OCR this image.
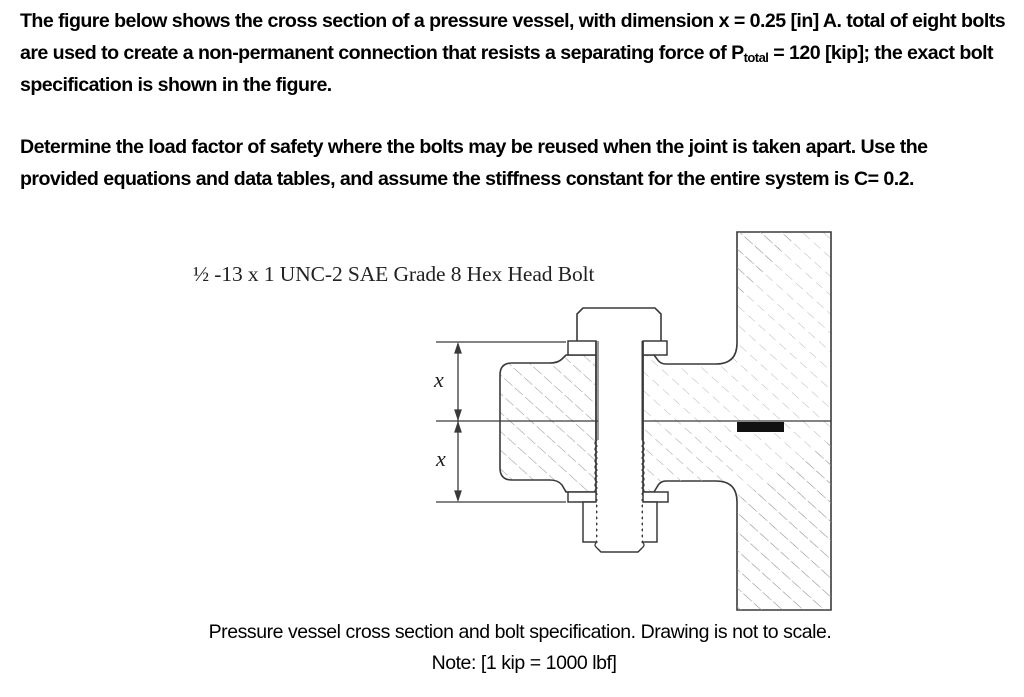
The figure below shows the cross section of a pressure vessel, with dimension x = 0.25 [in] A. total of eight bolts are used to create a non-permanent connection that resists a separating force of $P_{total} = 120$ [kip]; the exact bolt specification is shown in the figure.

Determine the load factor of safety where the bolts may be reused when the joint is taken apart. Use the provided equations and data tables, and assume the stiffness constant for the entire system is C= 0.2.

½ -13 x 1 UNC-2 SAE Grade 8 Hex Head Bolt
x
x
Pressure vessel cross section and bolt specification. Drawing is not to scale.
Note: [1 kip = 1000 lbf]
